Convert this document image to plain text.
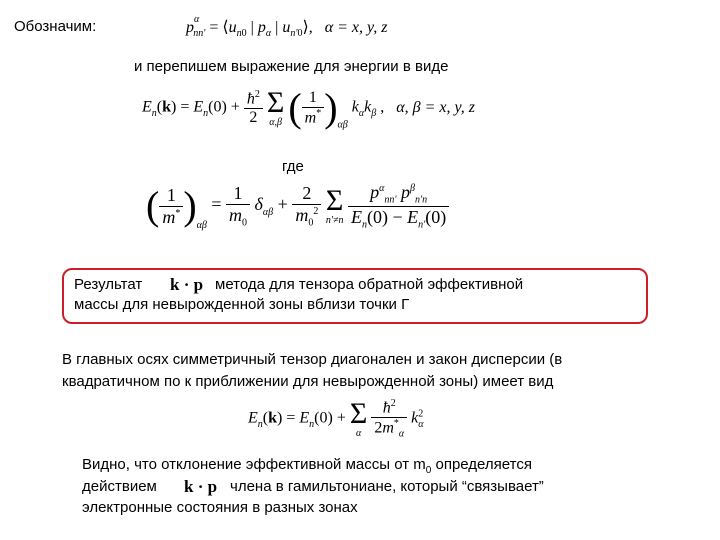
Обозначим:	$p^\alpha_{nn'}$ = $⟨u_{n0}$ | $p_\alpha$ | $u_{n'0}⟩$, α = x, y, z
и перепишем выражение для энергии в виде
$E_n(k) = E_n(0) + \frac{ħ^2}{2}$
Σ
α,β ( $\frac{1}{m^*} )_{\alpha\beta}$ $k_\alpha k_\beta$ , α, β = x, y, z
где
( $\frac{1}{m^*} )_{\alpha\beta} = \frac{1}{m_0} \delta_{\alpha\beta} + \frac{2}{m_0^2}$
Σ
n'≠n
$\frac{p^\alpha_{nn'} p^\beta_{n'n}}{E_n(0) - E_{n'}(0)}$
Результат k · p метода для тензора обратной эффективной
массы для невырожденной зоны вблизи точки Г
В главных осях симметричный тензор диагонален и закон дисперсии (в
квадратичном по к приближении для невырожденной зоны) имеет вид
$E_n(k) = E_n(0) + \Sigma$
α
$\frac{ħ^2}{2m^*_\alpha} k^2_\alpha$
Видно, что отклонение эффективной массы от $m_0$ определяется
действием k · p члена в гамильтониане, который “связывает”
электронные состояния в разных зонах
